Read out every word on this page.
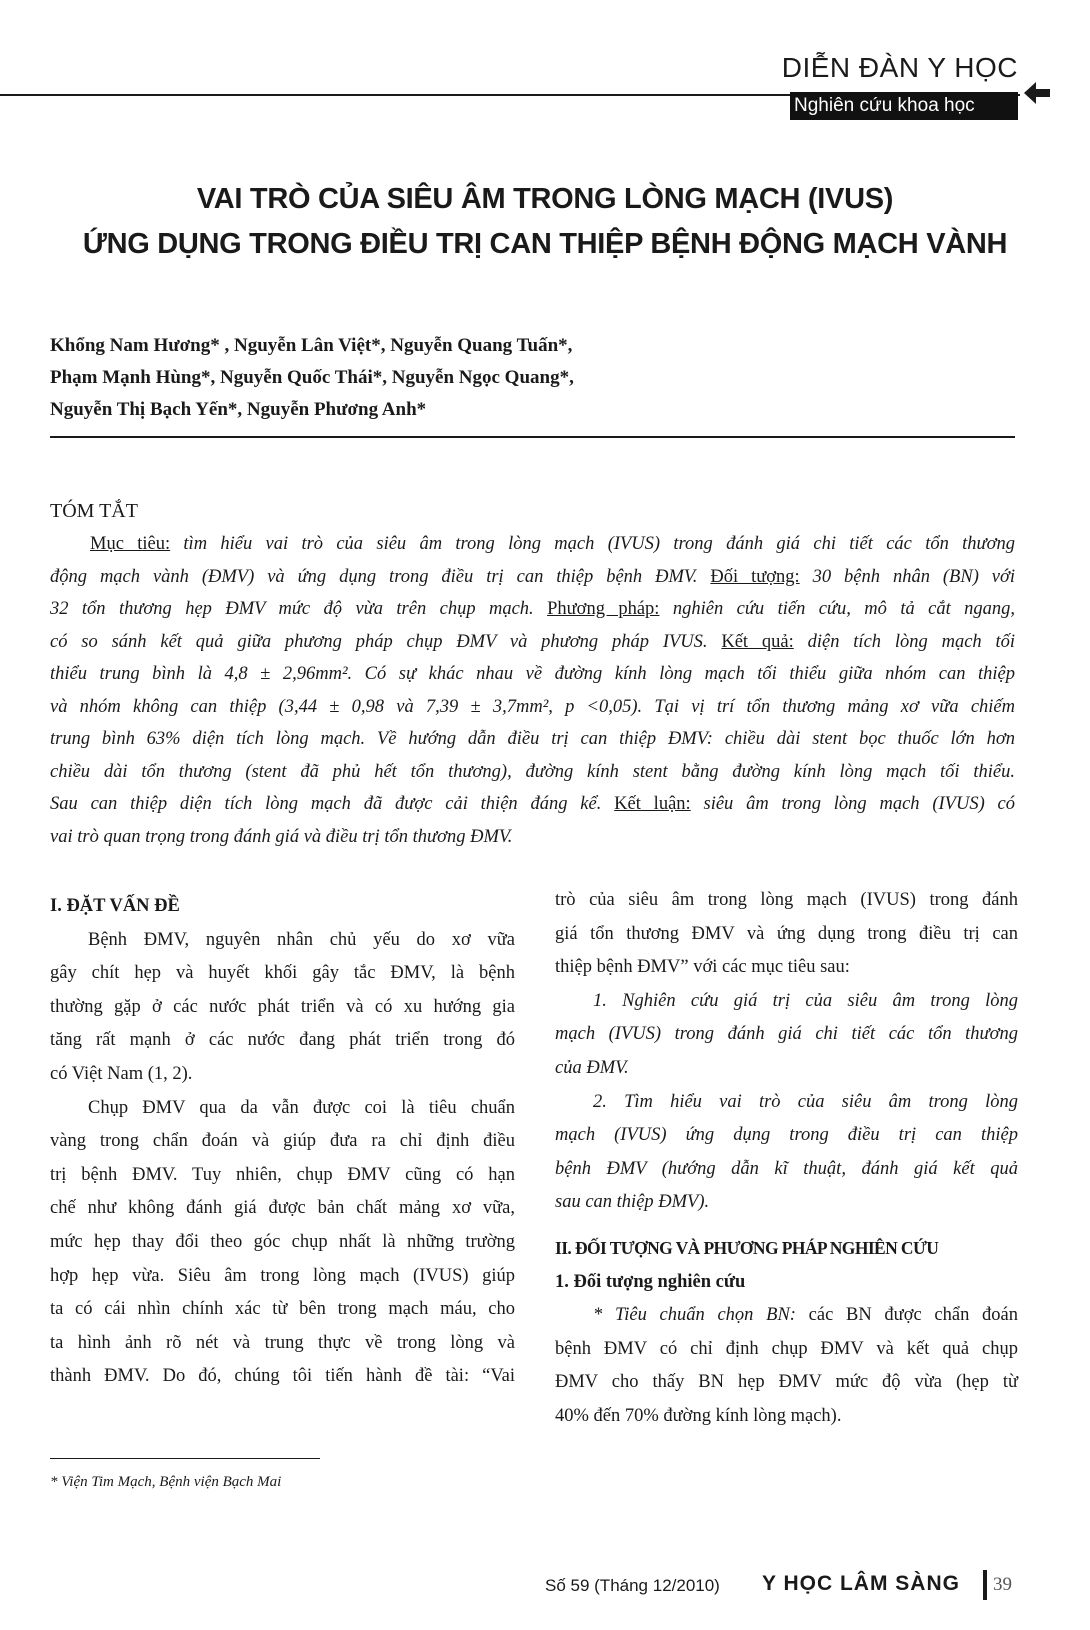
DIỄN ĐÀN Y HỌC
Nghiên cứu khoa học
VAI TRÒ CỦA SIÊU ÂM TRONG LÒNG MẠCH (IVUS)
ỨNG DỤNG TRONG ĐIỀU TRỊ CAN THIỆP BỆNH ĐỘNG MẠCH VÀNH
Khổng Nam Hương* , Nguyễn Lân Việt*, Nguyễn Quang Tuấn*,
Phạm Mạnh Hùng*, Nguyễn Quốc Thái*, Nguyễn Ngọc Quang*,
Nguyễn Thị Bạch Yến*, Nguyễn Phương Anh*
TÓM TẮT
Mục tiêu: tìm hiểu vai trò của siêu âm trong lòng mạch (IVUS) trong đánh giá chi tiết các tổn thương
động mạch vành (ĐMV) và ứng dụng trong điều trị can thiệp bệnh ĐMV. Đối tượng: 30 bệnh nhân (BN) với
32 tổn thương hẹp ĐMV mức độ vừa trên chụp mạch. Phương pháp: nghiên cứu tiến cứu, mô tả cắt ngang,
có so sánh kết quả giữa phương pháp chụp ĐMV và phương pháp IVUS. Kết quả: diện tích lòng mạch tối
thiểu trung bình là 4,8 ± 2,96mm². Có sự khác nhau về đường kính lòng mạch tối thiểu giữa nhóm can thiệp
và nhóm không can thiệp (3,44 ± 0,98 và 7,39 ± 3,7mm², p <0,05). Tại vị trí tổn thương mảng xơ vữa chiếm
trung bình 63% diện tích lòng mạch. Về hướng dẫn điều trị can thiệp ĐMV: chiều dài stent bọc thuốc lớn hơn
chiều dài tổn thương (stent đã phủ hết tổn thương), đường kính stent bằng đường kính lòng mạch tối thiểu.
Sau can thiệp diện tích lòng mạch đã được cải thiện đáng kể. Kết luận: siêu âm trong lòng mạch (IVUS) có
vai trò quan trọng trong đánh giá và điều trị tổn thương ĐMV.
I. ĐẶT VẤN ĐỀ
Bệnh ĐMV, nguyên nhân chủ yếu do xơ vữa
gây chít hẹp và huyết khối gây tắc ĐMV, là bệnh
thường gặp ở các nước phát triển và có xu hướng gia
tăng rất mạnh ở các nước đang phát triển trong đó
có Việt Nam (1, 2).
Chụp ĐMV qua da vẫn được coi là tiêu chuẩn
vàng trong chẩn đoán và giúp đưa ra chỉ định điều
trị bệnh ĐMV. Tuy nhiên, chụp ĐMV cũng có hạn
chế như không đánh giá được bản chất mảng xơ vữa,
mức hẹp thay đổi theo góc chụp nhất là những trường
hợp hẹp vừa. Siêu âm trong lòng mạch (IVUS) giúp
ta có cái nhìn chính xác từ bên trong mạch máu, cho
ta hình ảnh rõ nét và trung thực về trong lòng và
thành ĐMV. Do đó, chúng tôi tiến hành đề tài: “Vai
* Viện Tim Mạch, Bệnh viện Bạch Mai
trò của siêu âm trong lòng mạch (IVUS) trong đánh
giá tổn thương ĐMV và ứng dụng trong điều trị can
thiệp bệnh ĐMV” với các mục tiêu sau:
1. Nghiên cứu giá trị của siêu âm trong lòng
mạch (IVUS) trong đánh giá chi tiết các tổn thương
của ĐMV.
2. Tìm hiểu vai trò của siêu âm trong lòng
mạch (IVUS) ứng dụng trong điều trị can thiệp
bệnh ĐMV (hướng dẫn kĩ thuật, đánh giá kết quả
sau can thiệp ĐMV).
II. ĐỐI TƯỢNG VÀ PHƯƠNG PHÁP NGHIÊN CỨU
1. Đối tượng nghiên cứu
* Tiêu chuẩn chọn BN: các BN được chẩn đoán
bệnh ĐMV có chỉ định chụp ĐMV và kết quả chụp
ĐMV cho thấy BN hẹp ĐMV mức độ vừa (hẹp từ
40% đến 70% đường kính lòng mạch).
Số 59 (Tháng 12/2010) Y HỌC LÂM SÀNG 39
